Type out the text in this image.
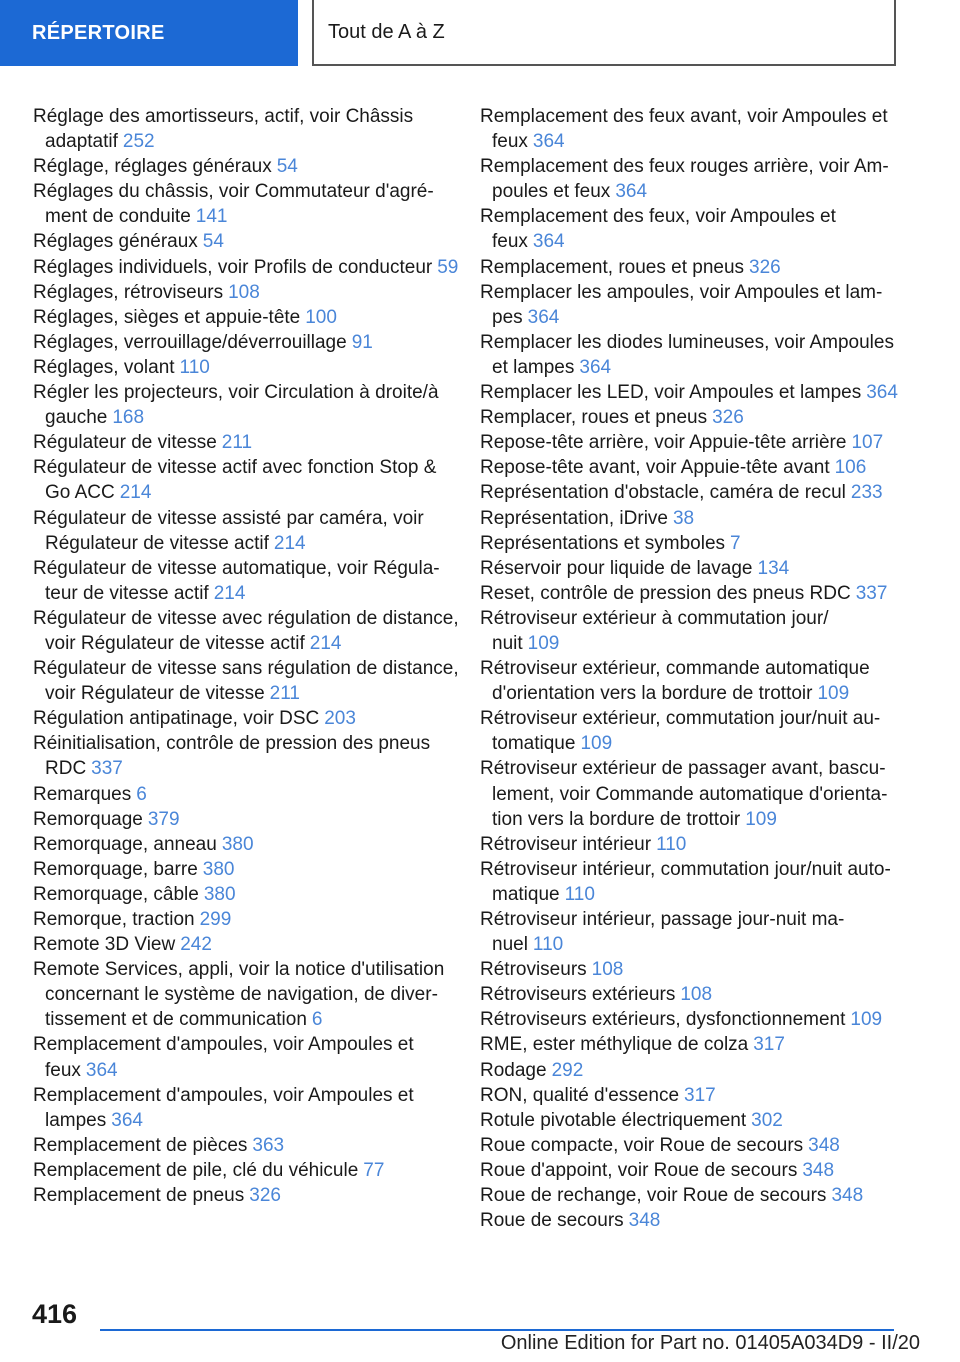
RÉPERTOIRE	Tout de A à Z

Réglage des amortisseurs, actif, voir Châssis adaptatif 252

Réglage, réglages généraux 54

Réglages du châssis, voir Commutateur d'agrément de conduite 141

Réglages généraux 54

Réglages individuels, voir Profils de conducteur 59

Réglages, rétroviseurs 108

Réglages, sièges et appuie-tête 100

Réglages, verrouillage/déverrouillage 91

Réglages, volant 110

Régler les projecteurs, voir Circulation à droite/à gauche 168

Régulateur de vitesse 211

Régulateur de vitesse actif avec fonction Stop & Go ACC 214

Régulateur de vitesse assisté par caméra, voir Régulateur de vitesse actif 214

Régulateur de vitesse automatique, voir Régulateur de vitesse actif 214

Régulateur de vitesse avec régulation de distance, voir Régulateur de vitesse actif 214

Régulateur de vitesse sans régulation de distance, voir Régulateur de vitesse 211

Régulation antipatinage, voir DSC 203

Réinitialisation, contrôle de pression des pneus RDC 337

Remarques 6

Remorquage 379

Remorquage, anneau 380

Remorquage, barre 380

Remorquage, câble 380

Remorque, traction 299

Remote 3D View 242

Remote Services, appli, voir la notice d'utilisation concernant le système de navigation, de divertissement et de communication 6

Remplacement d'ampoules, voir Ampoules et feux 364

Remplacement d'ampoules, voir Ampoules et lampes 364

Remplacement de pièces 363

Remplacement de pile, clé du véhicule 77

Remplacement de pneus 326

Remplacement des feux avant, voir Ampoules et feux 364

Remplacement des feux rouges arrière, voir Ampoules et feux 364

Remplacement des feux, voir Ampoules et feux 364

Remplacement, roues et pneus 326

Remplacer les ampoules, voir Ampoules et lampes 364

Remplacer les diodes lumineuses, voir Ampoules et lampes 364

Remplacer les LED, voir Ampoules et lampes 364

Remplacer, roues et pneus 326

Repose-tête arrière, voir Appuie-tête arrière 107

Repose-tête avant, voir Appuie-tête avant 106

Représentation d'obstacle, caméra de recul 233

Représentation, iDrive 38

Représentations et symboles 7

Réservoir pour liquide de lavage 134

Reset, contrôle de pression des pneus RDC 337

Rétroviseur extérieur à commutation jour/ nuit 109

Rétroviseur extérieur, commande automatique d'orientation vers la bordure de trottoir 109

Rétroviseur extérieur, commutation jour/nuit automatique 109

Rétroviseur extérieur de passager avant, basculement, voir Commande automatique d'orientation vers la bordure de trottoir 109

Rétroviseur intérieur 110

Rétroviseur intérieur, commutation jour/nuit automatique 110

Rétroviseur intérieur, passage jour-nuit manuel 110

Rétroviseurs 108

Rétroviseurs extérieurs 108

Rétroviseurs extérieurs, dysfonctionnement 109

RME, ester méthylique de colza 317

Rodage 292

RON, qualité d'essence 317

Rotule pivotable électriquement 302

Roue compacte, voir Roue de secours 348

Roue d'appoint, voir Roue de secours 348

Roue de rechange, voir Roue de secours 348

Roue de secours 348

416
Online Edition for Part no. 01405A034D9 - II/20
